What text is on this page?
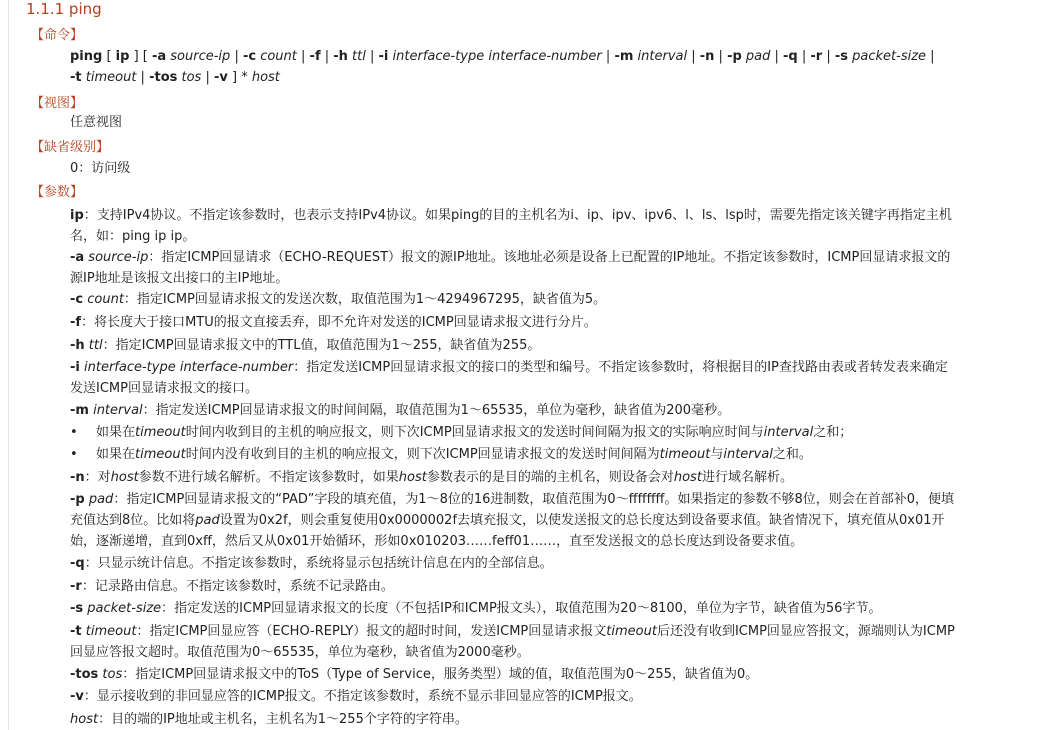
1.1.1 ping
【命令】
ping [ ip ] [ -a source-ip | -c count | -f | -h ttl | -i interface-type interface-number | -m interval | -n | -p pad | -q | -r | -s packet-size |
-t timeout | -tos tos | -v ] * host
【视图】
任意视图
【缺省级别】
0：访问级
【参数】
ip：支持IPv4协议。不指定该参数时，也表示支持IPv4协议。如果ping的目的主机名为i、ip、ipv、ipv6、l、ls、lsp时，需要先指定该关键字再指定主机名，如：ping ip ip。
-a source-ip：指定ICMP回显请求（ECHO-REQUEST）报文的源IP地址。该地址必须是设备上已配置的IP地址。不指定该参数时，ICMP回显请求报文的源IP地址是该报文出接口的主IP地址。
-c count：指定ICMP回显请求报文的发送次数，取值范围为1～4294967295，缺省值为5。
-f：将长度大于接口MTU的报文直接丢弃，即不允许对发送的ICMP回显请求报文进行分片。
-h ttl：指定ICMP回显请求报文中的TTL值，取值范围为1～255，缺省值为255。
-i interface-type interface-number：指定发送ICMP回显请求报文的接口的类型和编号。不指定该参数时，将根据目的IP查找路由表或者转发表来确定发送ICMP回显请求报文的接口。
-m interval：指定发送ICMP回显请求报文的时间间隔，取值范围为1～65535，单位为毫秒，缺省值为200毫秒。
-n：对host参数不进行域名解析。不指定该参数时，如果host参数表示的是目的端的主机名，则设备会对host进行域名解析。
-p pad：指定ICMP回显请求报文的“PAD”字段的填充值，为1～8位的16进制数，取值范围为0～ffffffff。如果指定的参数不够8位，则会在首部补0，便填充值达到8位。比如将pad设置为0x2f，则会重复使用0x0000002f去填充报文，以使发送报文的总长度达到设备要求值。缺省情况下，填充值从0x01开始，逐渐递增，直到0xff，然后又从0x01开始循环，形如0x010203……feff01……，直至发送报文的总长度达到设备要求值。
-q：只显示统计信息。不指定该参数时，系统将显示包括统计信息在内的全部信息。
-r：记录路由信息。不指定该参数时，系统不记录路由。
-s packet-size：指定发送的ICMP回显请求报文的长度（不包括IP和ICMP报文头），取值范围为20～8100，单位为字节，缺省值为56字节。
-t timeout：指定ICMP回显应答（ECHO-REPLY）报文的超时时间，发送ICMP回显请求报文timeout后还没有收到ICMP回显应答报文，源端则认为ICMP回显应答报文超时。取值范围为0～65535，单位为毫秒，缺省值为2000毫秒。
-tos tos：指定ICMP回显请求报文中的ToS（Type of Service，服务类型）域的值，取值范围为0～255，缺省值为0。
-v：显示接收到的非回显应答的ICMP报文。不指定该参数时，系统不显示非回显应答的ICMP报文。
host：目的端的IP地址或主机名，主机名为1～255个字符的字符串。
• 如果在timeout时间内收到目的主机的响应报文，则下次ICMP回显请求报文的发送时间间隔为报文的实际响应时间与interval之和；
• 如果在timeout时间内没有收到目的主机的响应报文，则下次ICMP回显请求报文的发送时间间隔为timeout与interval之和。
